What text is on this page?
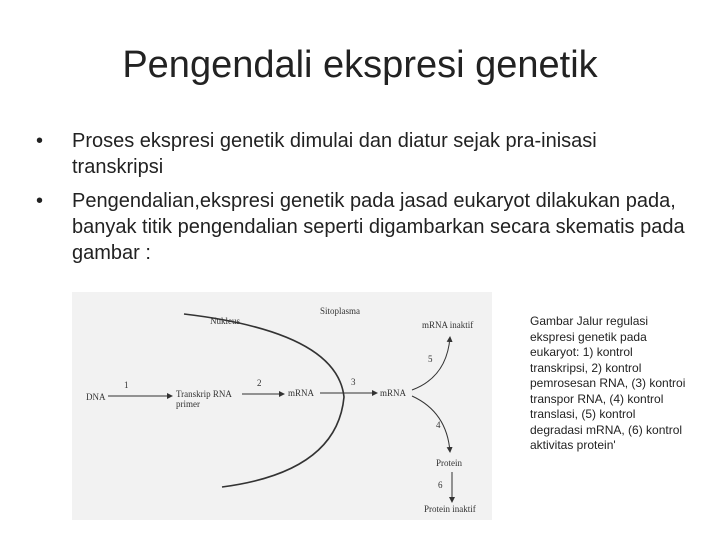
Pengendali ekspresi genetik
• Proses ekspresi genetik dimulai dan diatur sejak pra-inisasi transkripsi
• Pengendalian,ekspresi genetik pada jasad eukaryot dilakukan pada, banyak titik pengendalian seperti digambarkan secara skematis pada gambar :
Nukleus
Sitoplasma
DNA
1
Transkrip RNA
primer
2
mRNA
3
mRNA
mRNA inaktif
5
4
Protein
6
Protein inaktif
Gambar Jalur regulasi ekspresi genetik pada eukaryot: 1) kontrol transkripsi, 2) kontrol pemrosesan RNA, (3) kontroi transpor RNA, (4) kontrol translasi, (5) kontrol degradasi mRNA, (6) kontrol aktivitas protein'
